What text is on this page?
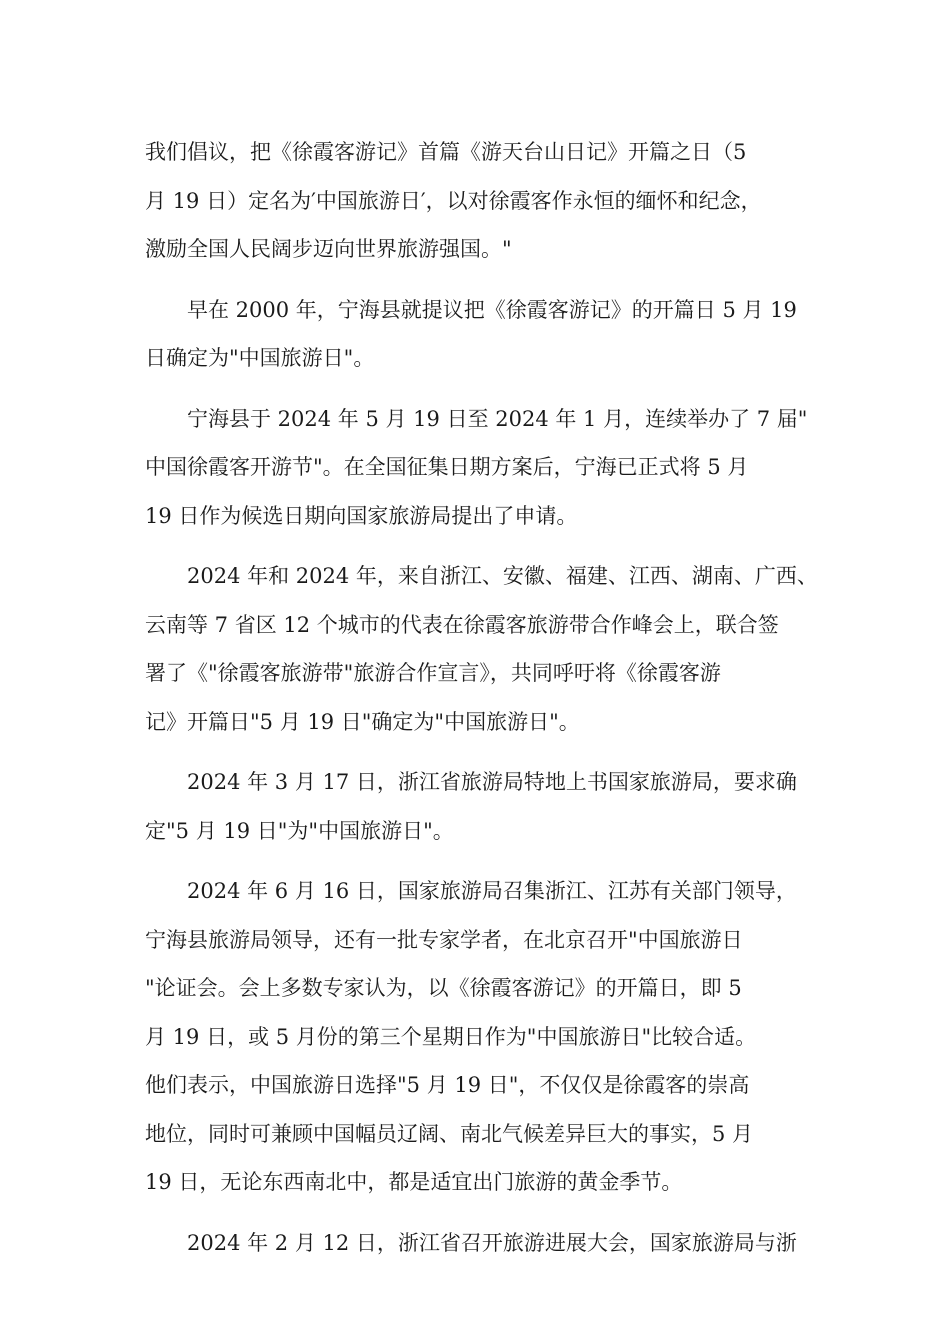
我们倡议，把《徐霞客游记》首篇《游天台山日记》开篇之日（5
月 19 日）定名为′中国旅游日′，以对徐霞客作永恒的缅怀和纪念，
激励全国人民阔步迈向世界旅游强国。"
早在 2000 年，宁海县就提议把《徐霞客游记》的开篇日 5 月 19
日确定为"中国旅游日"。
宁海县于 2024 年 5 月 19 日至 2024 年 1 月，连续举办了 7 届"
中国徐霞客开游节"。在全国征集日期方案后，宁海已正式将 5 月
19 日作为候选日期向国家旅游局提出了申请。
2024 年和 2024 年，来自浙江、安徽、福建、江西、湖南、广西、
云南等 7 省区 12 个城市的代表在徐霞客旅游带合作峰会上，联合签
署了《"徐霞客旅游带"旅游合作宣言》，共同呼吁将《徐霞客游
记》开篇日"5 月 19 日"确定为"中国旅游日"。
2024 年 3 月 17 日，浙江省旅游局特地上书国家旅游局，要求确
定"5 月 19 日"为"中国旅游日"。
2024 年 6 月 16 日，国家旅游局召集浙江、江苏有关部门领导，
宁海县旅游局领导，还有一批专家学者，在北京召开"中国旅游日
"论证会。会上多数专家认为，以《徐霞客游记》的开篇日，即 5
月 19 日，或 5 月份的第三个星期日作为"中国旅游日"比较合适。
他们表示，中国旅游日选择"5 月 19 日"，不仅仅是徐霞客的崇高
地位，同时可兼顾中国幅员辽阔、南北气候差异巨大的事实，5 月
19 日，无论东西南北中，都是适宜出门旅游的黄金季节。
2024 年 2 月 12 日，浙江省召开旅游进展大会，国家旅游局与浙
